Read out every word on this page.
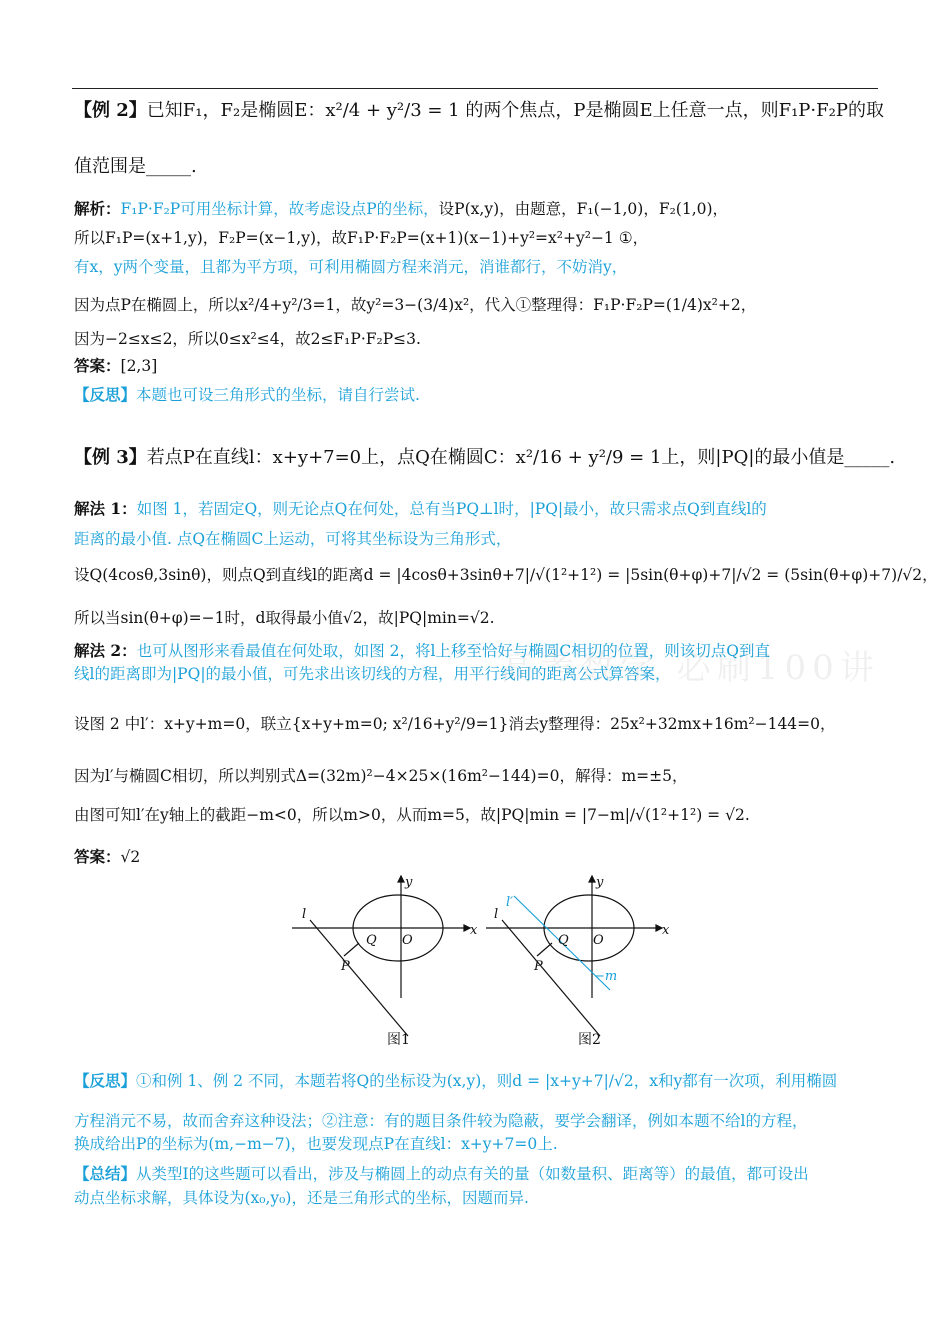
高考数学 必刷100讲
【例 2】已知F₁，F₂是椭圆E：x²/4 + y²/3 = 1 的两个焦点，P是椭圆E上任意一点，则F₁P·F₂P的取
值范围是_____.
解析：F₁P·F₂P可用坐标计算，故考虑设点P的坐标，设P(x,y)，由题意，F₁(−1,0)，F₂(1,0)，
所以F₁P=(x+1,y)，F₂P=(x−1,y)，故F₁P·F₂P=(x+1)(x−1)+y²=x²+y²−1 ①，
有x，y两个变量，且都为平方项，可利用椭圆方程来消元，消谁都行，不妨消y，
因为点P在椭圆上，所以x²/4+y²/3=1，故y²=3−(3/4)x²，代入①整理得：F₁P·F₂P=(1/4)x²+2，
因为−2≤x≤2，所以0≤x²≤4，故2≤F₁P·F₂P≤3.
答案：[2,3]
【反思】本题也可设三角形式的坐标，请自行尝试.
【例 3】若点P在直线l：x+y+7=0上，点Q在椭圆C：x²/16 + y²/9 = 1上，则|PQ|的最小值是_____.
解法 1：如图 1，若固定Q，则无论点Q在何处，总有当PQ⊥l时，|PQ|最小，故只需求点Q到直线l的
距离的最小值. 点Q在椭圆C上运动，可将其坐标设为三角形式，
设Q(4cosθ,3sinθ)，则点Q到直线l的距离d = |4cosθ+3sinθ+7|/√(1²+1²) = |5sin(θ+φ)+7|/√2 = (5sin(θ+φ)+7)/√2，
所以当sin(θ+φ)=−1时，d取得最小值√2，故|PQ|min=√2.
解法 2：也可从图形来看最值在何处取，如图 2，将l上移至恰好与椭圆C相切的位置，则该切点Q到直
线l的距离即为|PQ|的最小值，可先求出该切线的方程，用平行线间的距离公式算答案，
设图 2 中l′：x+y+m=0，联立{x+y+m=0; x²/16+y²/9=1}消去y整理得：25x²+32mx+16m²−144=0，
因为l′与椭圆C相切，所以判别式Δ=(32m)²−4×25×(16m²−144)=0，解得：m=±5，
由图可知l′在y轴上的截距−m<0，所以m>0，从而m=5，故|PQ|min = |7−m|/√(1²+1²) = √2.
答案：√2
x
y
O
Q
P
l
图1
x
y
O
Q
P
l
l′
−m
图2
【反思】①和例 1、例 2 不同，本题若将Q的坐标设为(x,y)，则d = |x+y+7|/√2，x和y都有一次项，利用椭圆
方程消元不易，故而舍弃这种设法；②注意：有的题目条件较为隐蔽，要学会翻译，例如本题不给l的方程，
换成给出P的坐标为(m,−m−7)，也要发现点P在直线l：x+y+7=0上.
【总结】从类型Ⅰ的这些题可以看出，涉及与椭圆上的动点有关的量（如数量积、距离等）的最值，都可设出
动点坐标求解，具体设为(x₀,y₀)，还是三角形式的坐标，因题而异.
